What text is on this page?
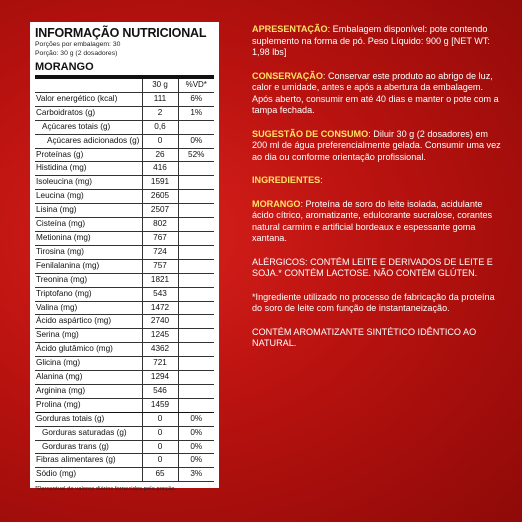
INFORMAÇÃO NUTRICIONAL
Porções por embalagem: 30
Porção: 30 g (2 dosadores)
MORANGO
	30 g	%VD*
Valor energético (kcal)	111	6%
Carboidratos (g)	2	1%
Açúcares totais (g)	0,6	
Açúcares adicionados (g)	0	0%
Proteínas (g)	26	52%
Histidina (mg)	416	
Isoleucina (mg)	1591	
Leucina (mg)	2605	
Lisina (mg)	2507	
Cisteína (mg)	802	
Metionina (mg)	767	
Tirosina (mg)	724	
Fenilalanina (mg)	757	
Treonina (mg)	1821	
Triptofano (mg)	543	
Valina (mg)	1472	
Ácido aspártico (mg)	2740	
Serina (mg)	1245	
Ácido glutâmico (mg)	4362	
Glicina (mg)	721	
Alanina (mg)	1294	
Arginina (mg)	546	
Prolina (mg)	1459	
Gorduras totais (g)	0	0%
Gorduras saturadas (g)	0	0%
Gorduras trans (g)	0	0%
Fibras alimentares (g)	0	0%
Sódio (mg)	65	3%
*Percentual de valores diários fornecidos pela porção.

APRESENTAÇÃO: Embalagem disponível: pote contendo suplemento na forma de pó. Peso Líquido: 900 g [NET WT: 1,98 lbs]

CONSERVAÇÃO: Conservar este produto ao abrigo de luz, calor e umidade, antes e após a abertura da embalagem. Após aberto, consumir em até 40 dias e manter o pote com a tampa fechada.

SUGESTÃO DE CONSUMO: Diluir 30 g (2 dosadores) em 200 ml de água preferencialmente gelada. Consumir uma vez ao dia ou conforme orientação profissional.

INGREDIENTES:

MORANGO: Proteína de soro do leite isolada, acidulante ácido cítrico, aromatizante, edulcorante sucralose, corantes natural carmim e artificial bordeaux e espessante goma xantana.

ALÉRGICOS: CONTÉM LEITE E DERIVADOS DE LEITE E SOJA.* CONTÉM LACTOSE. NÃO CONTÉM GLÚTEN.

*Ingrediente utilizado no processo de fabricação da proteína do soro de leite com função de instantaneização.

CONTÉM AROMATIZANTE SINTÉTICO IDÊNTICO AO NATURAL.
